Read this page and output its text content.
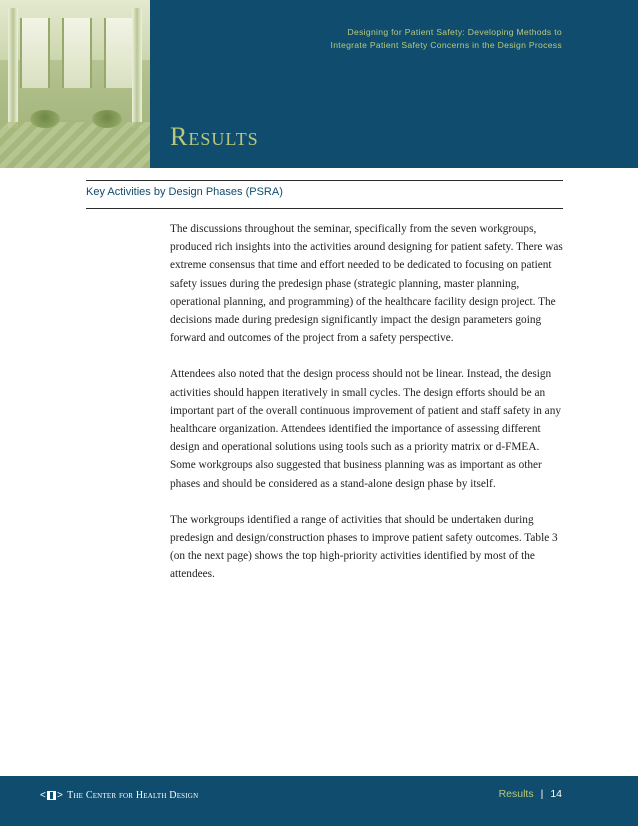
Designing for Patient Safety: Developing Methods to
Integrate Patient Safety Concerns in the Design Process
Results
Key Activities by Design Phases (PSRA)

The discussions throughout the seminar, specifically from the seven workgroups, produced rich insights into the activities around designing for patient safety. There was extreme consensus that time and effort needed to be dedicated to focusing on patient safety issues during the predesign phase (strategic planning, master planning, operational planning, and programming) of the healthcare facility design project. The decisions made during predesign significantly impact the design parameters going forward and outcomes of the project from a safety perspective.

Attendees also noted that the design process should not be linear. Instead, the design activities should happen iteratively in small cycles. The design efforts should be an important part of the overall continuous improvement of patient and staff safety in any healthcare organization. Attendees identified the importance of assessing different design and operational solutions using tools such as a priority matrix or d-FMEA. Some workgroups also suggested that business planning was as important as other phases and should be considered as a stand-alone design phase by itself.

The workgroups identified a range of activities that should be undertaken during predesign and design/construction phases to improve patient safety outcomes. Table 3 (on the next page) shows the top high-priority activities identified by most of the attendees.

< > The Center for Health Design	Results | 14
